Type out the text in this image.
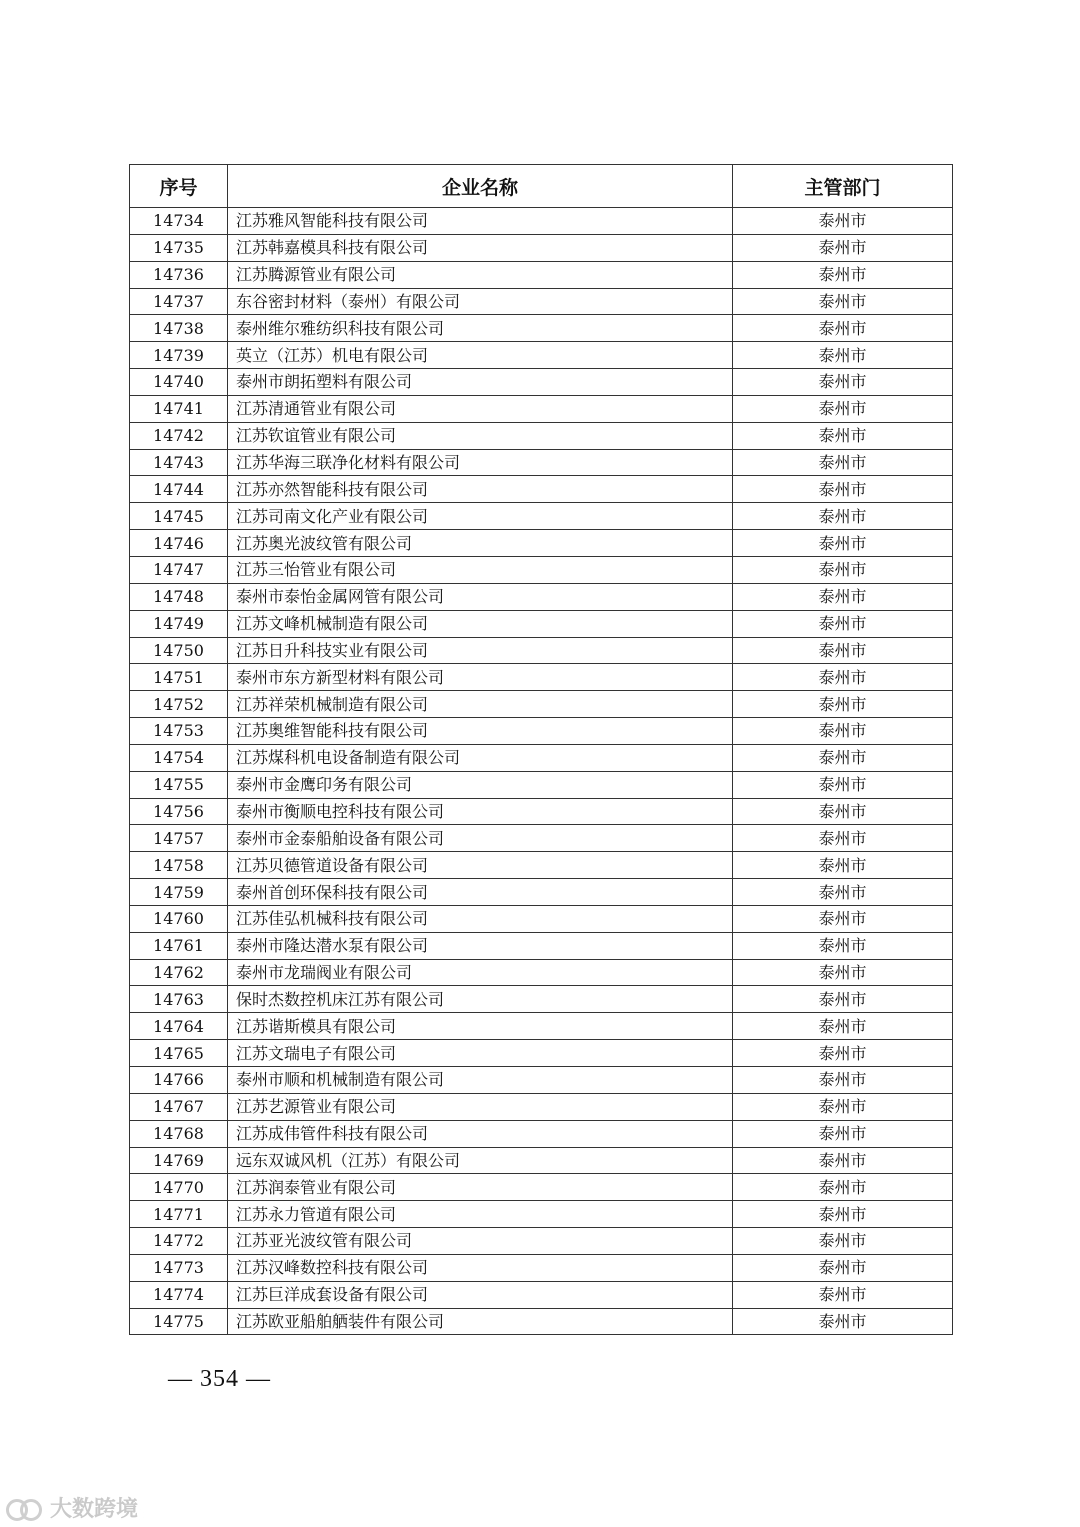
序号	企业名称	主管部门
14734	江苏雅风智能科技有限公司	泰州市
14735	江苏韩嘉模具科技有限公司	泰州市
14736	江苏腾源管业有限公司	泰州市
14737	东谷密封材料（泰州）有限公司	泰州市
14738	泰州维尔雅纺织科技有限公司	泰州市
14739	英立（江苏）机电有限公司	泰州市
14740	泰州市朗拓塑料有限公司	泰州市
14741	江苏清通管业有限公司	泰州市
14742	江苏钦谊管业有限公司	泰州市
14743	江苏华海三联净化材料有限公司	泰州市
14744	江苏亦然智能科技有限公司	泰州市
14745	江苏司南文化产业有限公司	泰州市
14746	江苏奥光波纹管有限公司	泰州市
14747	江苏三怡管业有限公司	泰州市
14748	泰州市泰怡金属网管有限公司	泰州市
14749	江苏文峰机械制造有限公司	泰州市
14750	江苏日升科技实业有限公司	泰州市
14751	泰州市东方新型材料有限公司	泰州市
14752	江苏祥荣机械制造有限公司	泰州市
14753	江苏奥维智能科技有限公司	泰州市
14754	江苏煤科机电设备制造有限公司	泰州市
14755	泰州市金鹰印务有限公司	泰州市
14756	泰州市衡顺电控科技有限公司	泰州市
14757	泰州市金泰船舶设备有限公司	泰州市
14758	江苏贝德管道设备有限公司	泰州市
14759	泰州首创环保科技有限公司	泰州市
14760	江苏佳弘机械科技有限公司	泰州市
14761	泰州市隆达潜水泵有限公司	泰州市
14762	泰州市龙瑞阀业有限公司	泰州市
14763	保时杰数控机床江苏有限公司	泰州市
14764	江苏谐斯模具有限公司	泰州市
14765	江苏文瑞电子有限公司	泰州市
14766	泰州市顺和机械制造有限公司	泰州市
14767	江苏艺源管业有限公司	泰州市
14768	江苏成伟管件科技有限公司	泰州市
14769	远东双诚风机（江苏）有限公司	泰州市
14770	江苏润泰管业有限公司	泰州市
14771	江苏永力管道有限公司	泰州市
14772	江苏亚光波纹管有限公司	泰州市
14773	江苏汉峰数控科技有限公司	泰州市
14774	江苏巨洋成套设备有限公司	泰州市
14775	江苏欧亚船舶舾装件有限公司	泰州市
— 354 —
大数跨境
